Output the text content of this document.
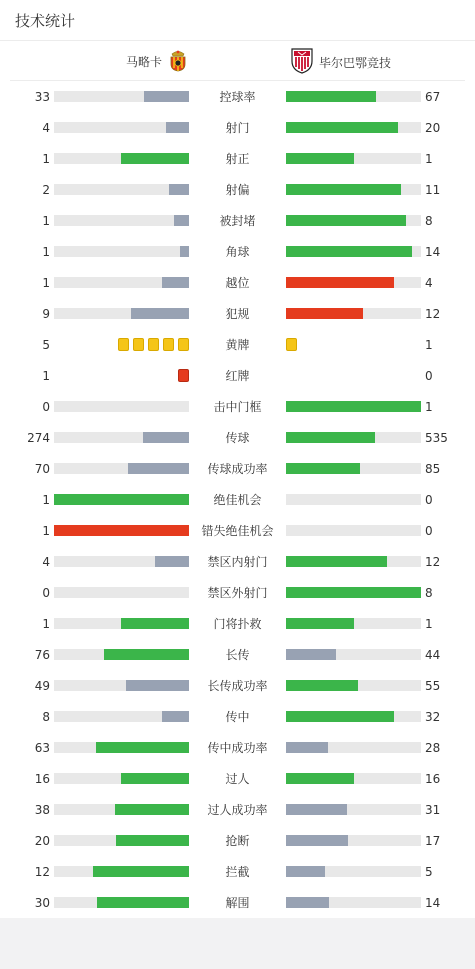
技术统计
马略卡	毕尔巴鄂竞技
33	控球率	67
4	射门	20
1	射正	1
2	射偏	11
1	被封堵	8
1	角球	14
1	越位	4
9	犯规	12
5	黄牌	1
1	红牌	0
0	击中门框	1
274	传球	535
70	传球成功率	85
1	绝佳机会	0
1	错失绝佳机会	0
4	禁区内射门	12
0	禁区外射门	8
1	门将扑救	1
76	长传	44
49	长传成功率	55
8	传中	32
63	传中成功率	28
16	过人	16
38	过人成功率	31
20	抢断	17
12	拦截	5
30	解围	14
